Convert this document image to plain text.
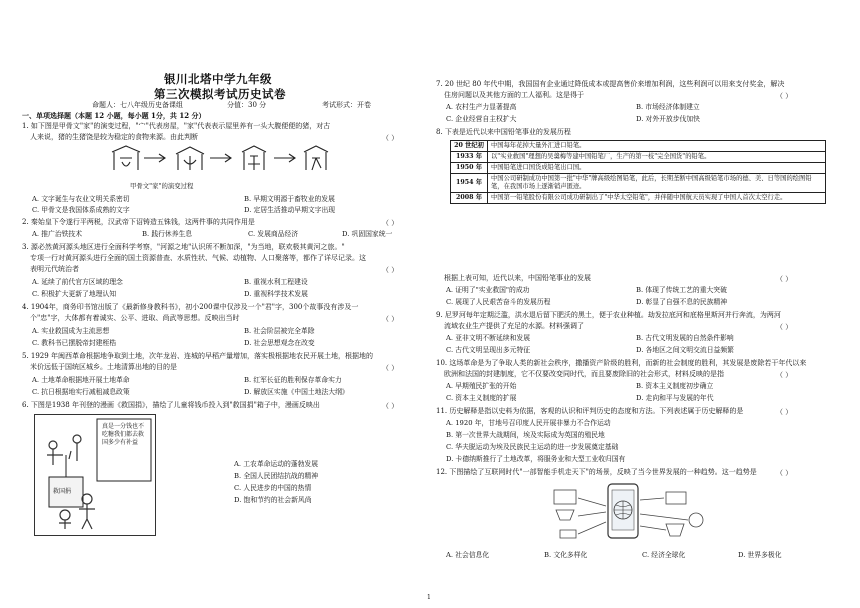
银川北塔中学九年级
第三次模拟考试历史试卷
命题人：七八年级历史备课组	分值：30 分	考试形式：开卷
一、单项选择题（本题 12 小题，每小题 1分，共 12 分）
1. 如下图是甲骨文"家"的演变过程，"宀"代表房屋，"家"代表表示屋里养有一头大腹便便的猪，对古
人来说，猪的生猪饶是较为稳定的食物来源。由此判断	（ ）
甲骨文"家"的演变过程
A. 文字诞生与农业文明关系密切	B. 早期文明源于畜牧业的发展
C. 甲骨文是我国体系成熟的文字	D. 定居生活推动早期文字出现
2. 秦始皇下令遂行平两税，汉武帝下诏铸造五铢钱，这两件事的共同作用是	（ ）
A. 推广治铁技术	B. 践行休养生息	C. 发展商品经济	D. 巩固国家统一
3. 源必然黄河源头地区进行全面科学考察，"河源之地"认识所不断加深，"为当地，联欢极其黄河之旅。"
专项一行对黄河源头进行全面的国土资源普查、水质性状、气候、动植物、人口聚落等，都作了详尽记录。这
表明元代统治者	（ ）
A. 延续了前代官方区域的理念	B. 重视水利工程建设
C. 积极扩大更新了地理认知	D. 重视科学技术发展
4. 1904年，商务印书馆出版了《最新修身教科书》，初小200课中仅涉及一个"君"字，300个故事没有涉及一
个"忠"字，大体都有着诚实、公平、进取、尚武等思想。反映出当时	（ ）
A. 实业救国成为主流思想	B. 社会阶层被完全革除
C. 教科书已摆脱帝封建桎梏	D. 社会思想观念在改变
5. 1929 年闽西革命根据地争取到土地，次年龙岩、连城的早稻产量增加，落实极根据地农民开展土地，根据地的
米价远低于国统区城乡。土地清算出地的目的是	（ ）
A. 土地革命根据地开展土地革命	B. 红军长征的胜利保存革命实力
C. 抗日根据地实行减租减息政策	D. 解放区实施《中国土地法大纲》
6. 下图是1938 年刊登的漫画《救国捐》，描绘了儿童将钱币投入到"救国捐"箱子中，漫画反映出	（ ）
真是一分钱也不吃糖我们都去救国多少有补益
救国捐
A. 工农革命运动的蓬勃发展
B. 全国人民团结抗战的精神
C. 人民进步的中国的热情
D. 饱和节约的社会新风尚
7. 20 世纪 80 年代中期，我国国有企业通过降低成本或提高售价来增加利润，这些利润可以用来支付奖金，解决
住房问题以及其他方面的工人福利。这是得于	（ ）
A. 农村生产力显著提高	B. 市场经济体制建立
C. 企业经营自主权扩大	D. 对外开放步伐加快
8. 下表是近代以来中国铅笔事业的发展历程
20 世纪初	中国每年花掉大量外汇进口铅笔。
1933 年	以"实业救国"理想的吴羹梅等建中国铅笔厂，生产的第一枝"完全国货"的铅笔。
1950 年	中国铅笔进口国货成铅笔出口国。
1954 年	中国公司研制成功中国第一批"中华"牌高级绘图铅笔，此后，长期垄断中国高级铅笔市场的德、美、日等国的绘图铅笔，在我国市场上逐渐销声匿迹。
2008 年	中国第一铅笔股份有限公司成功研制出了"中华太空铅笔"，并伴随中国航天员实现了中国人首次太空行走。
根据上表可知，近代以来，中国铅笔事业的发展	（ ）
A. 证明了"实业救国"的成功	B. 体现了传统工艺的重大突破
C. 展现了人民艰苦奋斗的发展历程	D. 彰显了自强不息的民族精神
9. 尼罗河每年定期泛滥，洪水退后留下肥沃的黑土，便于农业种植。劫发拉底河和底格里斯河并行奔流，为两河
流域农业生产提供了充足的水源。材料强调了	（ ）
A. 亚非文明不断延续和发展	B. 古代文明发展的自然条件影响
C. 古代文明呈现出多元特征	D. 各地区之间文明交流日益频繁
10. 这场革命是为了争取人类的新社会秩序，撒播资产阶级的胜利，而新的社会制度的胜利，其发展是废除若干年代以来
欧洲和法国的封建制度，它不仅要改变同时代，而且要废除旧的社会形式，材料反映的是指	（ ）
A. 早期殖民扩张的开始	B. 资本主义制度初步确立
C. 资本主义制度的扩展	D. 走向和平与发展的年代
11. 历史解释是指以史料为依据，客观的认识和评判历史的态度和方法。下列表述属于历史解释的是	（ ）
A. 1920 年，甘地号召印度人民开展非暴力不合作运动
B. 第一次世界大战期间，埃及实际成为英国的殖民地
C. 华夫脱运动为埃及民族民主运动的进一步发展奠定基础
D. 卡德纳斯推行了土地改革，将服务业和大型工业收归国有
12. 下图描绘了互联网时代"一部智能手机走天下"的场景，反映了当今世界发展的一种趋势。这一趋势是	（ ）
A. 社会信息化	B. 文化多样化	C. 经济全球化	D. 世界多极化
1
